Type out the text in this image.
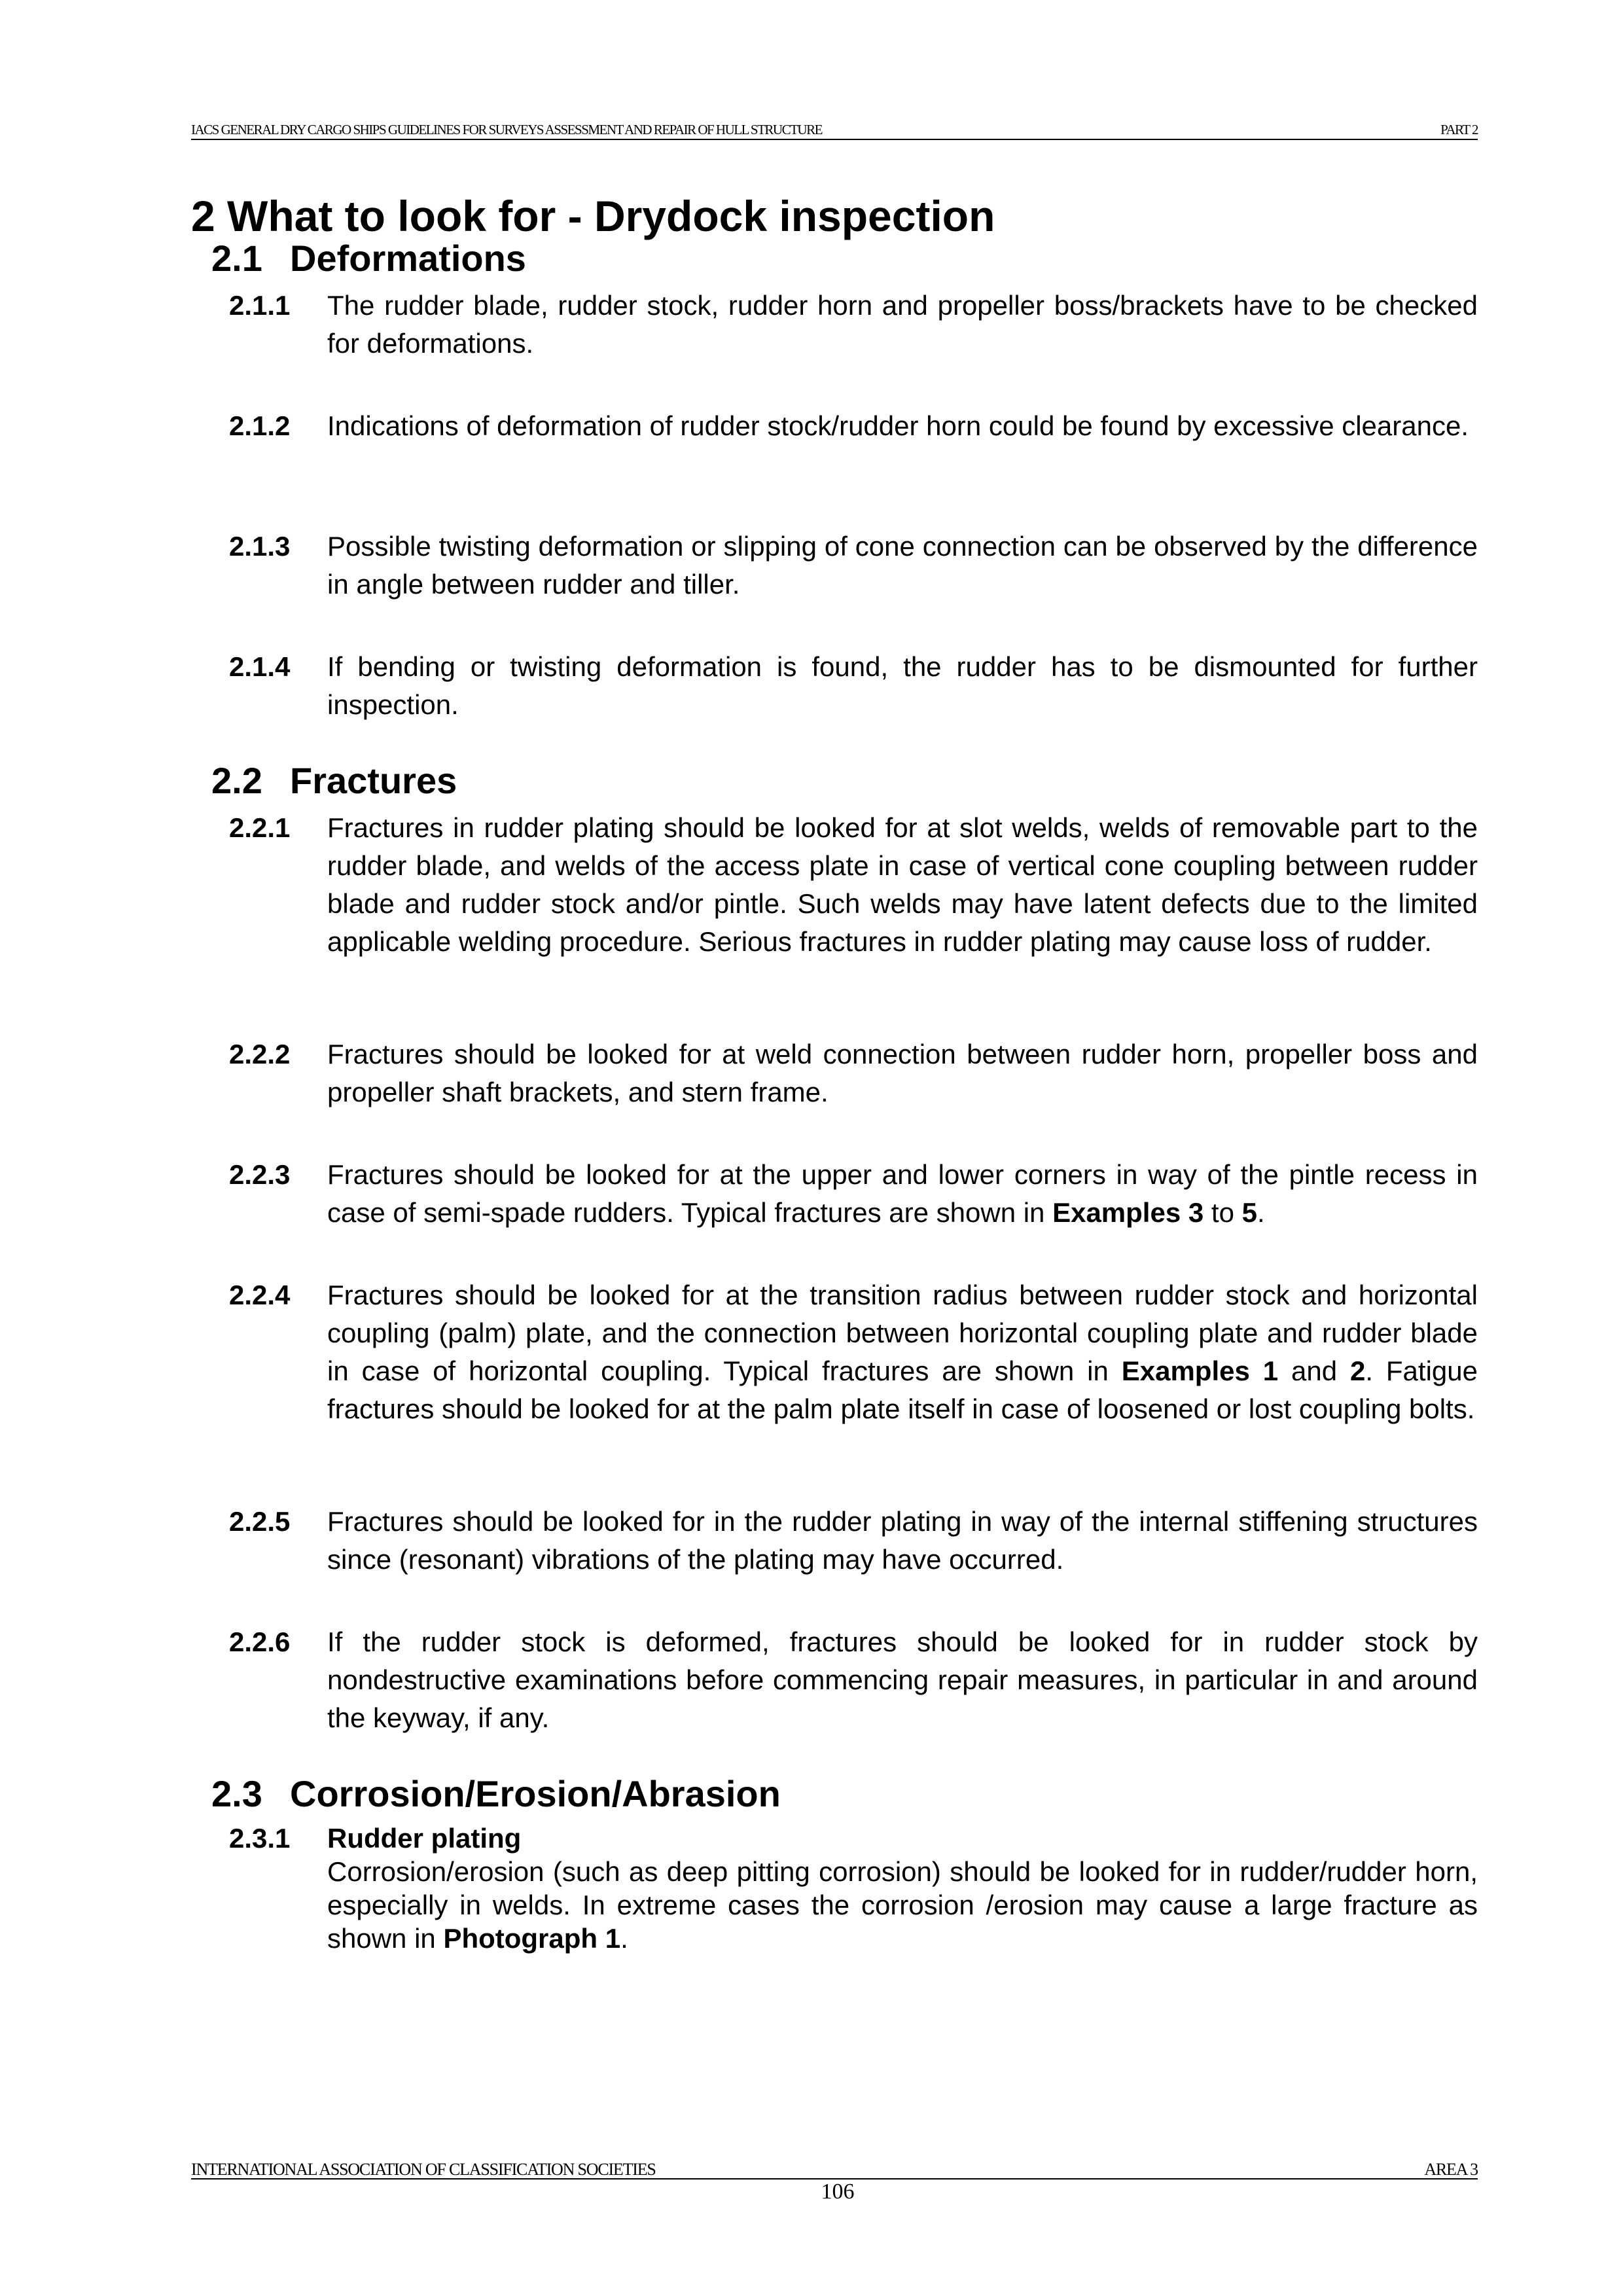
IACS GENERAL DRY CARGO SHIPS GUIDELINES FOR SURVEYS ASSESSMENT AND REPAIR OF HULL STRUCTURE	PART 2
2 What to look for - Drydock inspection
2.1 Deformations
2.1.1 The rudder blade, rudder stock, rudder horn and propeller boss/brackets have to be checked for deformations.
2.1.2 Indications of deformation of rudder stock/rudder horn could be found by excessive clearance.
2.1.3 Possible twisting deformation or slipping of cone connection can be observed by the difference in angle between rudder and tiller.
2.1.4 If bending or twisting deformation is found, the rudder has to be dismounted for further inspection.
2.2 Fractures
2.2.1 Fractures in rudder plating should be looked for at slot welds, welds of removable part to the rudder blade, and welds of the access plate in case of vertical cone coupling between rudder blade and rudder stock and/or pintle. Such welds may have latent defects due to the limited applicable welding procedure. Serious fractures in rudder plating may cause loss of rudder.
2.2.2 Fractures should be looked for at weld connection between rudder horn, propeller boss and propeller shaft brackets, and stern frame.
2.2.3 Fractures should be looked for at the upper and lower corners in way of the pintle recess in case of semi-spade rudders. Typical fractures are shown in Examples 3 to 5.
2.2.4 Fractures should be looked for at the transition radius between rudder stock and horizontal coupling (palm) plate, and the connection between horizontal coupling plate and rudder blade in case of horizontal coupling. Typical fractures are shown in Examples 1 and 2. Fatigue fractures should be looked for at the palm plate itself in case of loosened or lost coupling bolts.
2.2.5 Fractures should be looked for in the rudder plating in way of the internal stiffening structures since (resonant) vibrations of the plating may have occurred.
2.2.6 If the rudder stock is deformed, fractures should be looked for in rudder stock by nondestructive examinations before commencing repair measures, in particular in and around the keyway, if any.
2.3 Corrosion/Erosion/Abrasion
2.3.1 Rudder plating
Corrosion/erosion (such as deep pitting corrosion) should be looked for in rudder/rudder horn, especially in welds. In extreme cases the corrosion /erosion may cause a large fracture as shown in Photograph 1.
INTERNATIONAL ASSOCIATION OF CLASSIFICATION SOCIETIES	AREA 3
106
